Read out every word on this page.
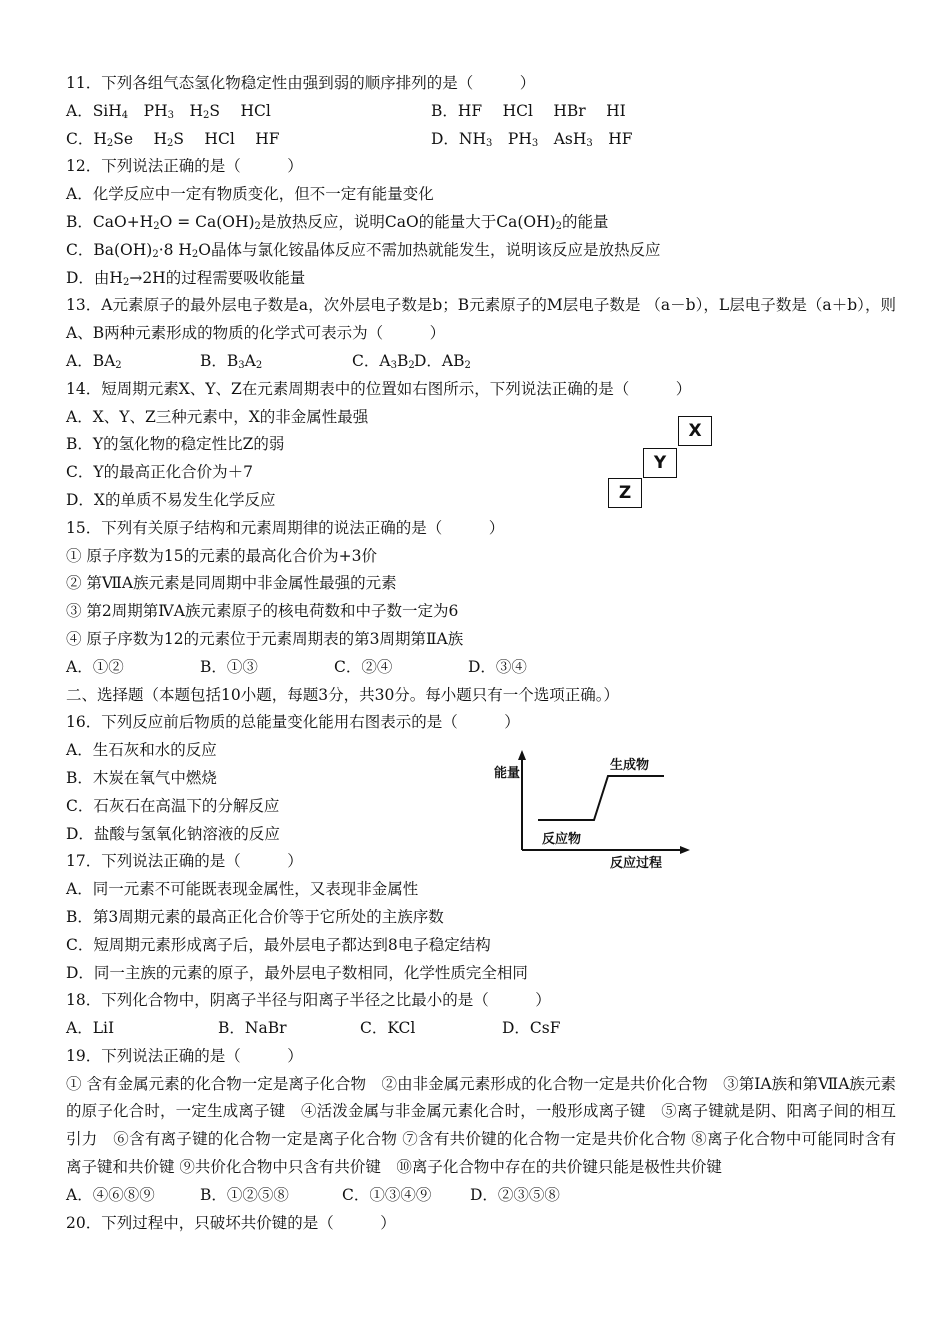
11．下列各组气态氢化物稳定性由强到弱的顺序排列的是（　　　）
A．SiH$_4$　$PH_3$　$H_2S$　 HCl	B．HF　 HCl　 HBr　 HI
C．$H_2Se$　 $H_2S$　 HCl　 HF	D．$NH_3$　$PH_3$　AsH$_3$　HF
12．下列说法正确的是（　　　）
A．化学反应中一定有物质变化，但不一定有能量变化
B．$CaO+H_2O = Ca(OH)_2$是放热反应，说明CaO的能量大于$Ca(OH)_2$的能量
C．$Ba(OH)_2\cdot 8$ $H_2O$晶体与氯化铵晶体反应不需加热就能发生，说明该反应是放热反应
D．由$H_2\to 2H$的过程需要吸收能量
13．A元素原子的最外层电子数是a，次外层电子数是b；B元素原子的M层电子数是 （a－b），L层电子数是（a＋b），则A、B两种元素形成的物质的化学式可表示为（　　　）
A．$BA_2$	B．$B_3A_2$	C．$A_3B_2D$．$AB_2$
14．短周期元素X、Y、Z在元素周期表中的位置如右图所示，下列说法正确的是（　　　）
A．X、Y、Z三种元素中，X的非金属性最强
B．Y的氢化物的稳定性比Z的弱
C．Y的最高正化合价为＋7
D．X的单质不易发生化学反应
15．下列有关原子结构和元素周期律的说法正确的是（　　　）
① 原子序数为15的元素的最高化合价为+3价
② 第ⅦA族元素是同周期中非金属性最强的元素
③ 第2周期第ⅣA族元素原子的核电荷数和中子数一定为6
④ 原子序数为12的元素位于元素周期表的第3周期第ⅡA族
A．①②	B．①③	C．②④	D．③④
二、选择题（本题包括10小题，每题3分，共30分。每小题只有一个选项正确。）
16．下列反应前后物质的总能量变化能用右图表示的是（　　　）
A．生石灰和水的反应
B．木炭在氧气中燃烧
C．石灰石在高温下的分解反应
D．盐酸与氢氧化钠溶液的反应
17．下列说法正确的是（　　　）
A．同一元素不可能既表现金属性，又表现非金属性
B．第3周期元素的最高正化合价等于它所处的主族序数
C．短周期元素形成离子后，最外层电子都达到8电子稳定结构
D．同一主族的元素的原子，最外层电子数相同，化学性质完全相同
18．下列化合物中，阴离子半径与阳离子半径之比最小的是（　　　）
A．LiI	B．NaBr	C．KCl	D．CsF
19．下列说法正确的是（　　　）
① 含有金属元素的化合物一定是离子化合物　②由非金属元素形成的化合物一定是共价化合物　③第IA族和第ⅦA族元素的原子化合时，一定生成离子键　④活泼金属与非金属元素化合时，一般形成离子键　⑤离子键就是阴、阳离子间的相互引力　⑥含有离子键的化合物一定是离子化合物 ⑦含有共价键的化合物一定是共价化合物 ⑧离子化合物中可能同时含有离子键和共价键 ⑨共价化合物中只含有共价键　⑩离子化合物中存在的共价键只能是极性共价键
A．④⑥⑧⑨	B．①②⑤⑧	C．①③④⑨ D．②③⑤⑧
20．下列过程中，只破坏共价键的是（　　　）
X
Y
Z
能量
生成物
反应物
反应过程
